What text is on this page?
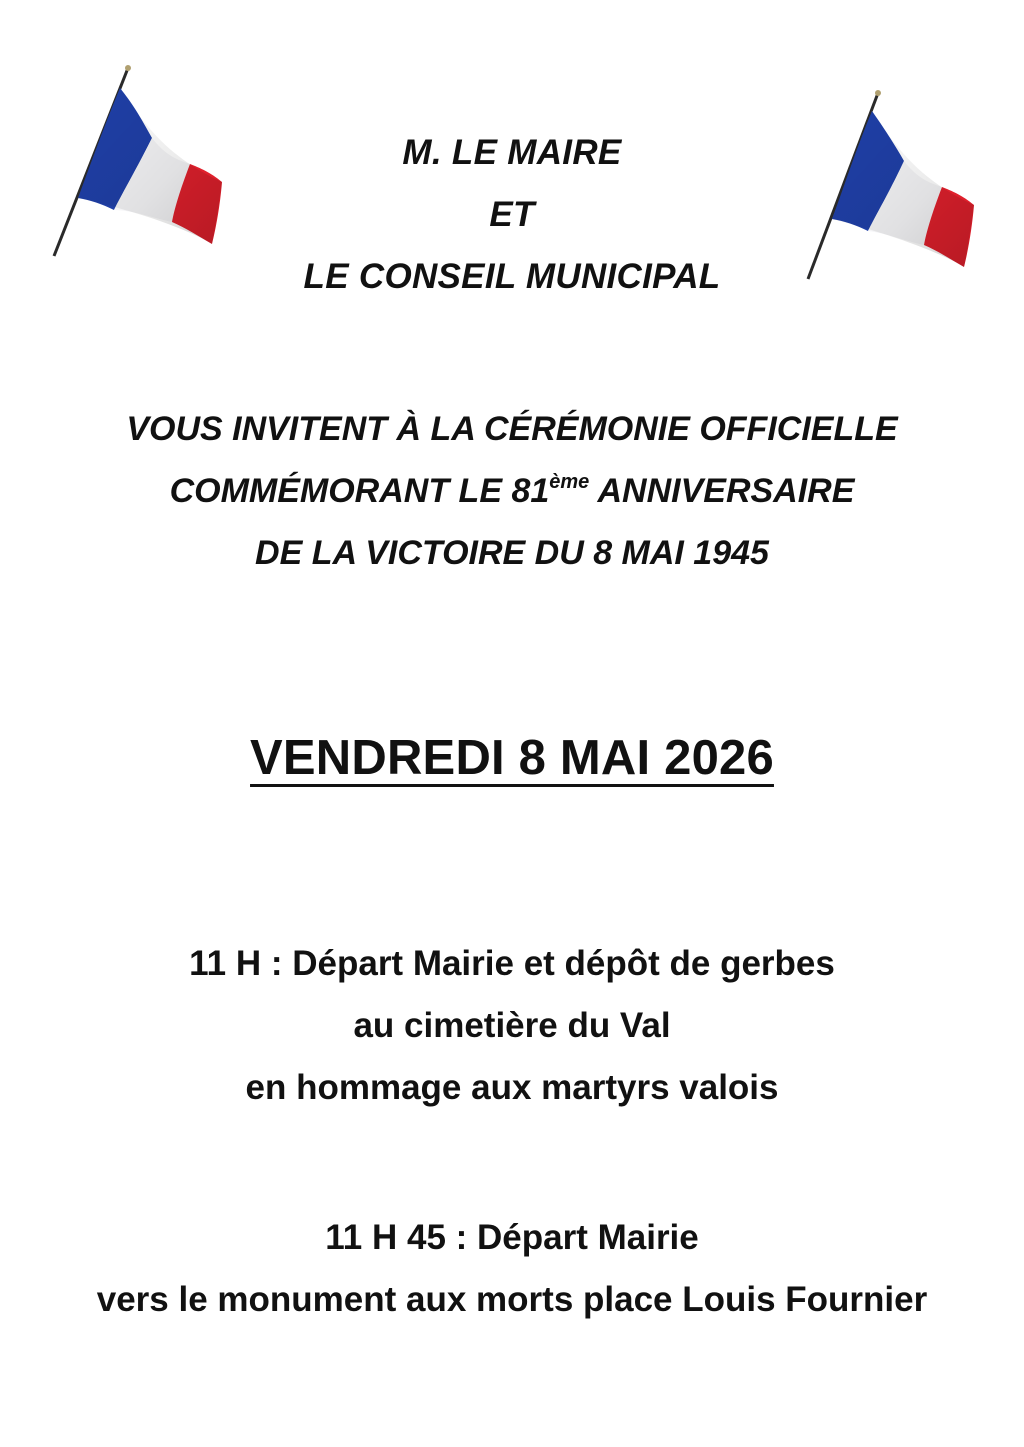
M. LE MAIRE
ET
LE CONSEIL MUNICIPAL
VOUS INVITENT À LA CÉRÉMONIE OFFICIELLE
COMMÉMORANT LE 81ème ANNIVERSAIRE
DE LA VICTOIRE DU 8 MAI 1945
VENDREDI 8 MAI 2026
11 H : Départ Mairie et dépôt de gerbes
au cimetière du Val
en hommage aux martyrs valois
11 H 45 : Départ Mairie
vers le monument aux morts place Louis Fournier
